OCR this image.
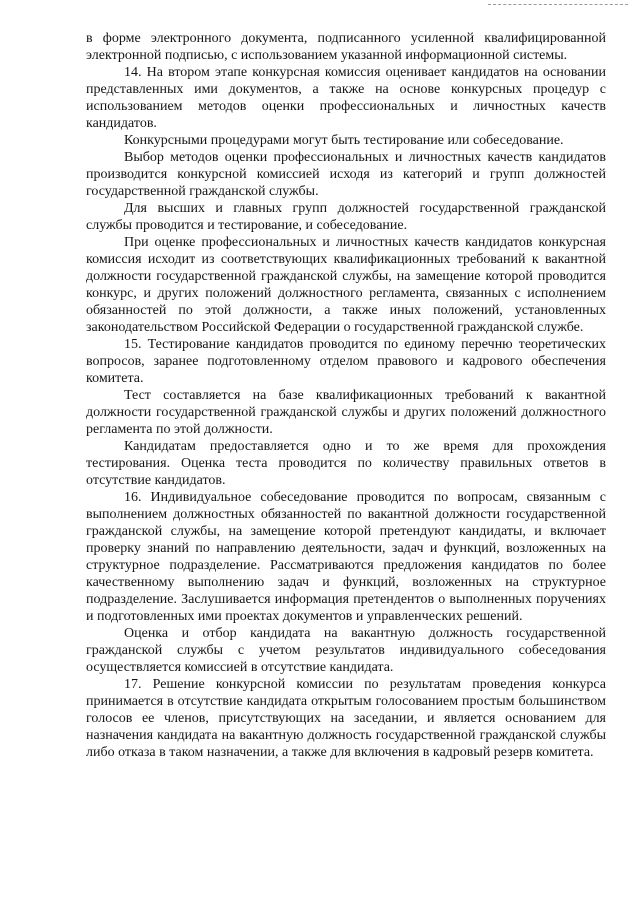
в форме электронного документа, подписанного усиленной квалифицированной электронной подписью, с использованием указанной информационной системы.

14. На втором этапе конкурсная комиссия оценивает кандидатов на основании представленных ими документов, а также на основе конкурсных процедур с использованием методов оценки профессиональных и личностных качеств кандидатов.

Конкурсными процедурами могут быть тестирование или собеседование.

Выбор методов оценки профессиональных и личностных качеств кандидатов производится конкурсной комиссией исходя из категорий и групп должностей государственной гражданской службы.

Для высших и главных групп должностей государственной гражданской службы проводится и тестирование, и собеседование.

При оценке профессиональных и личностных качеств кандидатов конкурсная комиссия исходит из соответствующих квалификационных требований к вакантной должности государственной гражданской службы, на замещение которой проводится конкурс, и других положений должностного регламента, связанных с исполнением обязанностей по этой должности, а также иных положений, установленных законодательством Российской Федерации о государственной гражданской службе.

15. Тестирование кандидатов проводится по единому перечню теоретических вопросов, заранее подготовленному отделом правового и кадрового обеспечения комитета.

Тест составляется на базе квалификационных требований к вакантной должности государственной гражданской службы и других положений должностного регламента по этой должности.

Кандидатам предоставляется одно и то же время для прохождения тестирования. Оценка теста проводится по количеству правильных ответов в отсутствие кандидатов.

16. Индивидуальное собеседование проводится по вопросам, связанным с выполнением должностных обязанностей по вакантной должности государственной гражданской службы, на замещение которой претендуют кандидаты, и включает проверку знаний по направлению деятельности, задач и функций, возложенных на структурное подразделение. Рассматриваются предложения кандидатов по более качественному выполнению задач и функций, возложенных на структурное подразделение. Заслушивается информация претендентов о выполненных поручениях и подготовленных ими проектах документов и управленческих решений.

Оценка и отбор кандидата на вакантную должность государственной гражданской службы с учетом результатов индивидуального собеседования осуществляется комиссией в отсутствие кандидата.

17. Решение конкурсной комиссии по результатам проведения конкурса принимается в отсутствие кандидата открытым голосованием простым большинством голосов ее членов, присутствующих на заседании, и является основанием для назначения кандидата на вакантную должность государственной гражданской службы либо отказа в таком назначении, а также для включения в кадровый резерв комитета.
